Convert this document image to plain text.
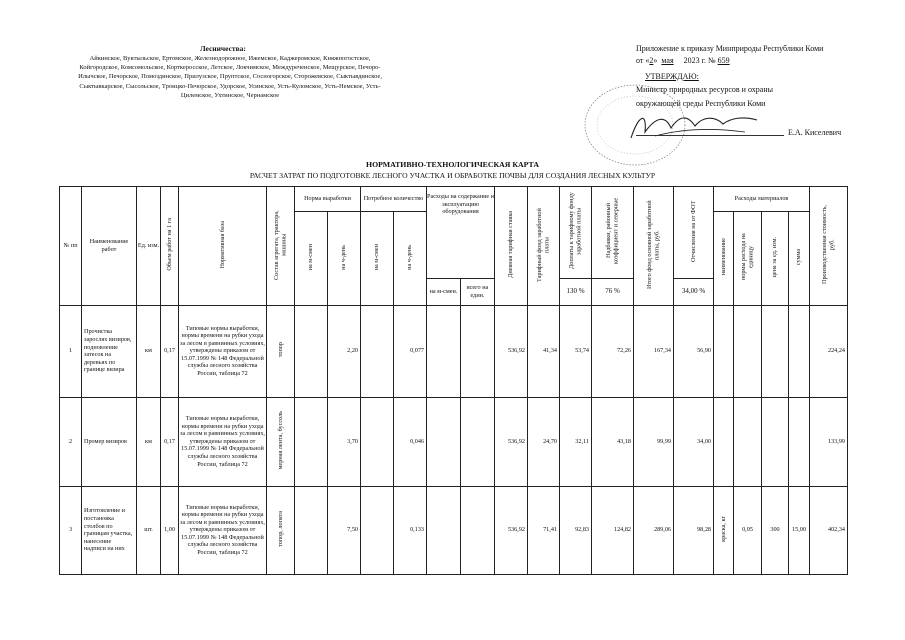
Лесничества:
Айкинское, Вуктыльское, Ертомское, Железнодорожное, Ижемское, Каджеромское, Княжпогостское, Койгородское, Комсомольское, Корткеросское, Летское, Локчимское, Междуреченское, Мещурское, Печоро-Илычское, Печорское, Помоздинское, Прилузское, Пруптское, Сосногорское, Сторожевское, Сыктывдинское, Сыктывкарское, Сысольское, Троицко-Печорское, Удорское, Усинское, Усть-Куломское, Усть-Немское, Усть-Цилемское, Ухтинское, Чернамское
Приложение к приказу Минприроды Республики Коми
от «2» мая 2023 г. № 659
УТВЕРЖДАЮ:
Министр природных ресурсов и охраны
окружающей среды Республики Коми
Е.А. Киселевич
НОРМАТИВНО-ТЕХНОЛОГИЧЕСКАЯ КАРТА
РАСЧЕТ ЗАТРАТ ПО ПОДГОТОВКЕ ЛЕСНОГО УЧАСТКА И ОБРАБОТКЕ ПОЧВЫ ДЛЯ СОЗДАНИЯ ЛЕСНЫХ КУЛЬТУР
№ пп	Наименование работ	Ед. изм.	Объем работ на 1 га	Нормативная база	Состав агрегата, трактора, машины	Норма выработки		Потребное количество		Расходы на содержание и эксплуатацию оборудования		Дневная тарифная ставка	Тарифный фонд заработной платы	Доплаты к тарифному фонду заработной платы	Надбавки, районный коэффициент и северные	Итого фонд основной заработной платы, руб.	Отчисления на от ФОТ	Расходы материалов				Производственная стоимость, руб.
						на м-смен	на ч-день	на м-смен	на ч-день									наименование	нормы расхода на единицу	цена за ед. изм.	сумма	
										на м-смен.	всего на един.			130 %	76 %		34,00 %					
1	Прочистка зарослях визиров, подновление затесок на деревьях по границе визира	км	0,17	Типовые нормы выработки, нормы времени на рубки ухода за лесом в равнинных условиях, утверждены приказом от 15.07.1999 № 148 Федеральной службы лесного хозяйства России, таблица 72	топор		2,20		0,077			536,92	41,34	53,74	72,26	167,34	56,90					224,24
2	Промер визиров	км	0,17	Типовые нормы выработки, нормы времени на рубки ухода за лесом в равнинных условиях, утверждены приказом от 15.07.1999 № 148 Федеральной службы лесного хозяйства России, таблица 72	мерная лента, буссоль		3,70		0,046			536,92	24,70	32,11	43,18	99,99	34,00					133,99
3	Изготовление и постановка столбов по границам участка, нанесение надписи на них	шт.	1,00	Типовые нормы выработки, нормы времени на рубки ухода за лесом в равнинных условиях, утверждены приказом от 15.07.1999 № 148 Федеральной службы лесного хозяйства России, таблица 72	топор, лопата		7,50		0,133			536,92	71,41	92,83	124,82	289,06	98,28	краска, кг	0,05	300	15,00	402,34
